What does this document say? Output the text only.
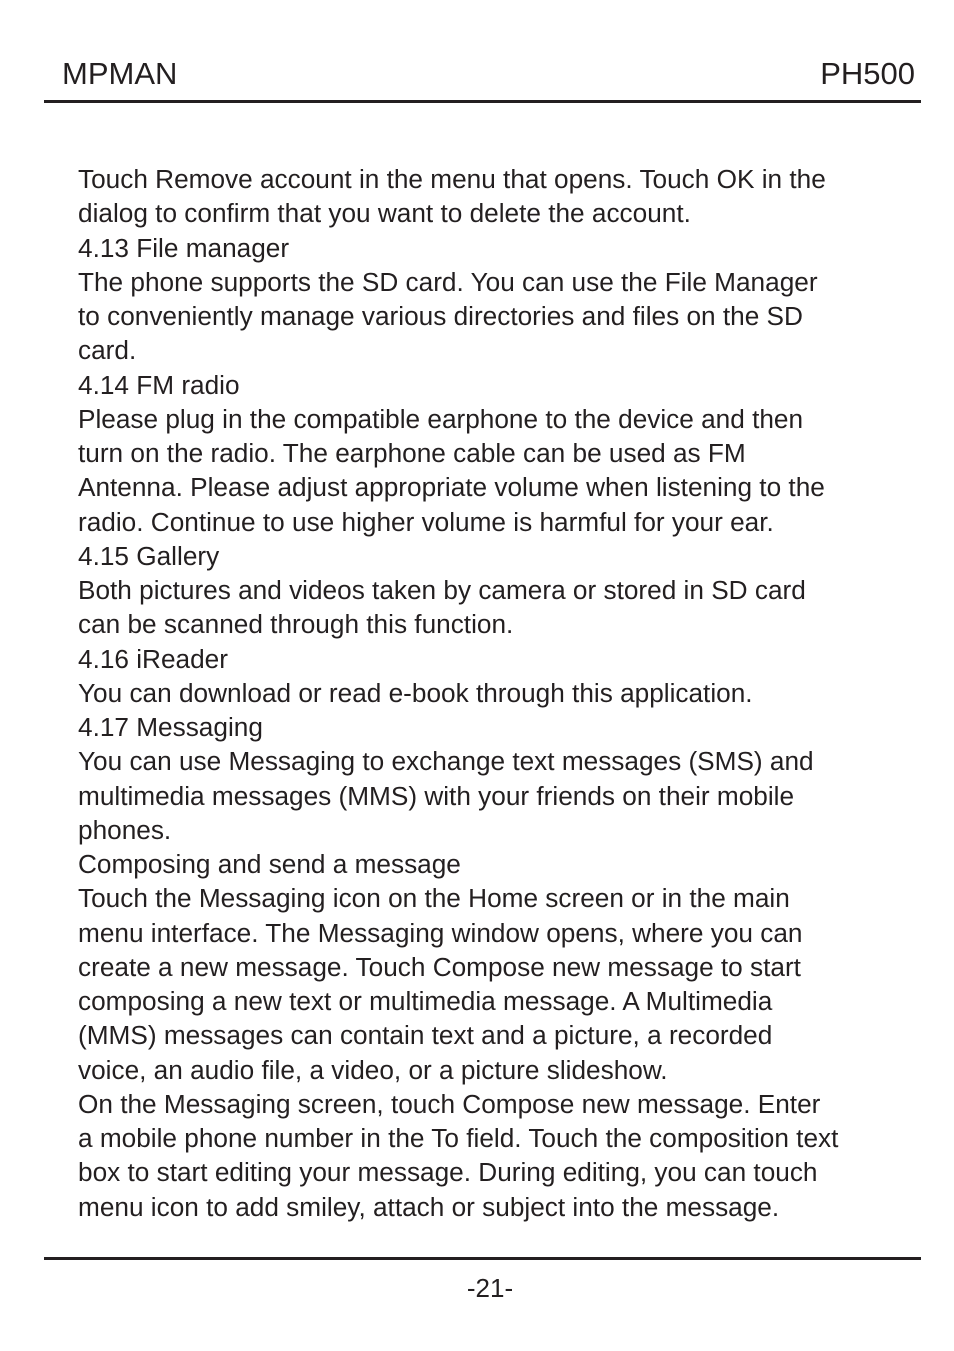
MPMAN	PH500
Touch Remove account in the menu that opens. Touch OK in the
dialog to confirm that you want to delete the account.
4.13 File manager
The phone supports the SD card. You can use the File Manager
to conveniently manage various directories and files on the SD
card.
4.14 FM radio
Please plug in the compatible earphone to the device and then
turn on the radio. The earphone cable can be used as FM
Antenna. Please adjust appropriate volume when listening to the
radio. Continue to use higher volume is harmful for your ear.
4.15 Gallery
Both pictures and videos taken by camera or stored in SD card
can be scanned through this function.
4.16 iReader
You can download or read e-book through this application.
4.17 Messaging
You can use Messaging to exchange text messages (SMS) and
multimedia messages (MMS) with your friends on their mobile
phones.
Composing and send a message
Touch the Messaging icon on the Home screen or in the main
menu interface. The Messaging window opens, where you can
create a new message. Touch Compose new message to start
composing a new text or multimedia message. A Multimedia
(MMS) messages can contain text and a picture, a recorded
voice, an audio file, a video, or a picture slideshow.
On the Messaging screen, touch Compose new message. Enter
a mobile phone number in the To field. Touch the composition text
box to start editing your message. During editing, you can touch
menu icon to add smiley, attach or subject into the message.
-21-
